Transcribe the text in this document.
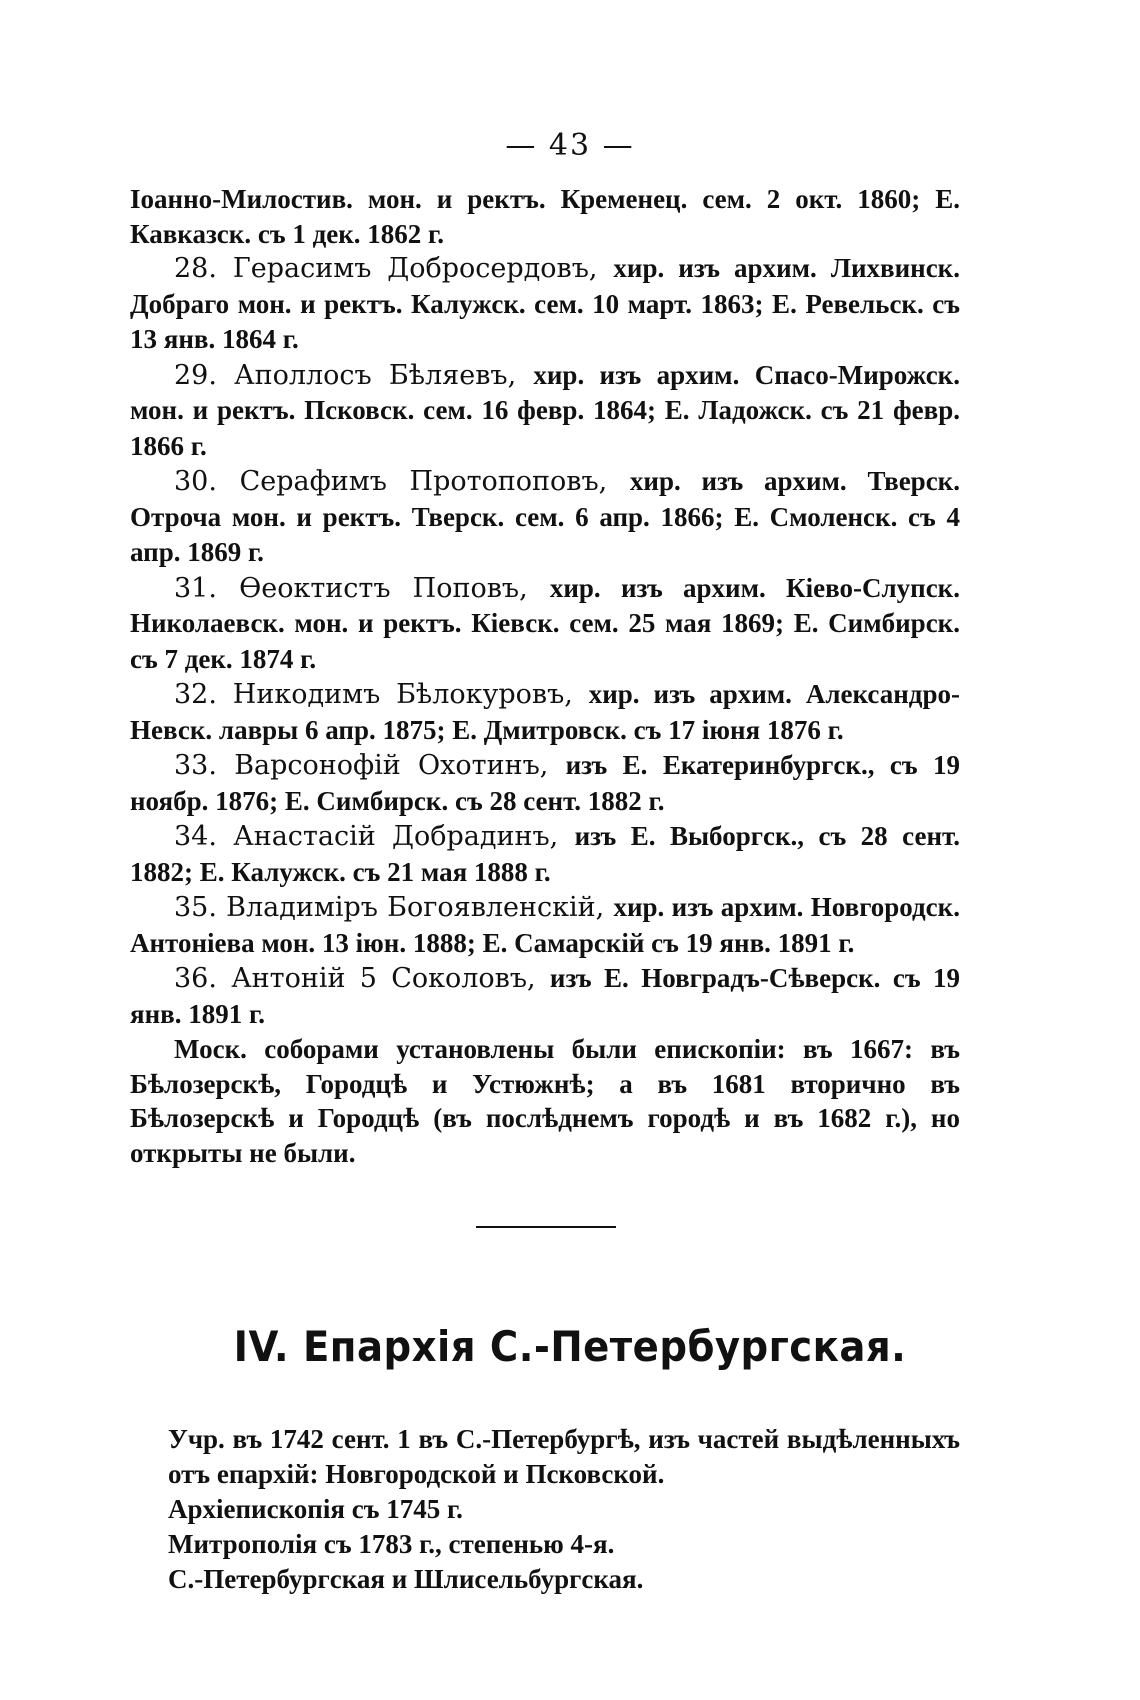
— 43 —

Іоанно-Милостив. мон. и ректъ. Кременец. сем. 2 окт. 1860; Е. Кавказск. съ 1 дек. 1862 г.

28. Герасимъ Добросердовъ, хир. изъ архим. Лихвинск. Добраго мон. и ректъ. Калужск. сем. 10 март. 1863; Е. Ревельск. съ 13 янв. 1864 г.

29. Аполлосъ Бѣляевъ, хир. изъ архим. Спасо-Мирожск. мон. и ректъ. Псковск. сем. 16 февр. 1864; Е. Ладожск. съ 21 февр. 1866 г.

30. Серафимъ Протопоповъ, хир. изъ архим. Тверск. Отроча мон. и ректъ. Тверск. сем. 6 апр. 1866; Е. Смоленск. съ 4 апр. 1869 г.

31. Ѳеоктистъ Поповъ, хир. изъ архим. Кіево-Слупск. Николаевск. мон. и ректъ. Кіевск. сем. 25 мая 1869; Е. Симбирск. съ 7 дек. 1874 г.

32. Никодимъ Бѣлокуровъ, хир. изъ архим. Александро-Невск. лавры 6 апр. 1875; Е. Дмитровск. съ 17 іюня 1876 г.

33. Варсонофій Охотинъ, изъ Е. Екатеринбургск., съ 19 ноябр. 1876; Е. Симбирск. съ 28 сент. 1882 г.

34. Анастасій Добрадинъ, изъ Е. Выборгск., съ 28 сент. 1882; Е. Калужск. съ 21 мая 1888 г.

35. Владиміръ Богоявленскій, хир. изъ архим. Новгородск. Антоніева мон. 13 іюн. 1888; Е. Самарскій съ 19 янв. 1891 г.

36. Антоній 5 Соколовъ, изъ Е. Новградъ-Сѣверск. съ 19 янв. 1891 г.

Моск. соборами установлены были епископіи: въ 1667: въ Бѣлозерскѣ, Городцѣ и Устюжнѣ; а въ 1681 вторично въ Бѣлозерскѣ и Городцѣ (въ послѣднемъ городѣ и въ 1682 г.), но открыты не были.

IV. Епархія С.-Петербургская.

Учр. въ 1742 сент. 1 въ С.-Петербургѣ, изъ частей выдѣленныхъ отъ епархій: Новгородской и Псковской.

Архіепископія съ 1745 г.

Митрополія съ 1783 г., степенью 4-я.

С.-Петербургская и Шлисельбургская.
